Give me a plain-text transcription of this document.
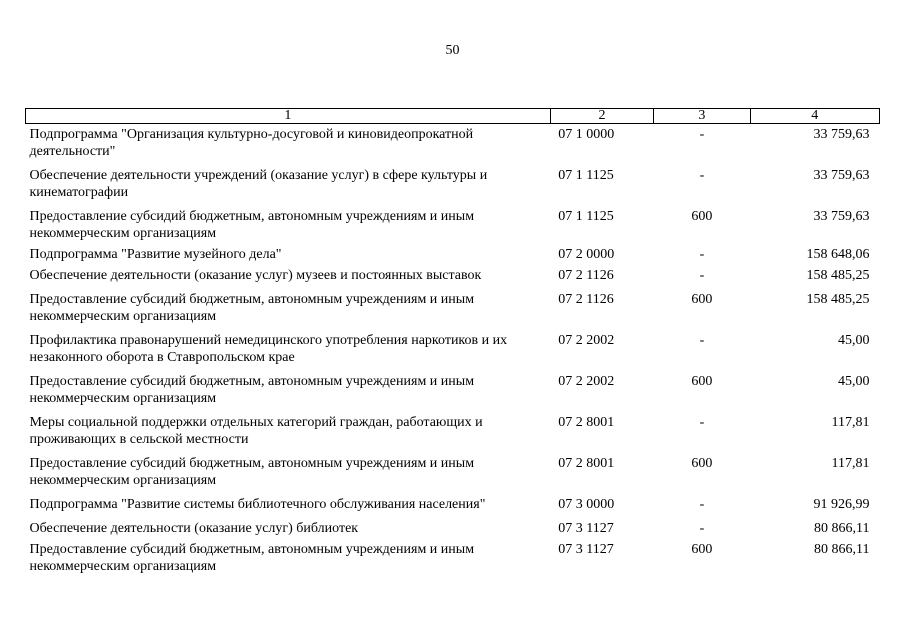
50
1	2	3	4
Подпрограмма "Организация культурно-досуговой и киновидеопрокатной деятельности"	07 1 0000	-	33 759,63
Обеспечение деятельности учреждений (оказание услуг) в сфере культуры и кинематографии	07 1 1125	-	33 759,63
Предоставление субсидий бюджетным, автономным учреждениям и иным некоммерческим организациям	07 1 1125	600	33 759,63
Подпрограмма "Развитие музейного дела"	07 2 0000	-	158 648,06
Обеспечение деятельности (оказание услуг) музеев и постоянных выставок	07 2 1126	-	158 485,25
Предоставление субсидий бюджетным, автономным учреждениям и иным некоммерческим организациям	07 2 1126	600	158 485,25
Профилактика правонарушений немедицинского употребления наркотиков и их незаконного оборота в Ставропольском крае	07 2 2002	-	45,00
Предоставление субсидий бюджетным, автономным учреждениям и иным некоммерческим организациям	07 2 2002	600	45,00
Меры социальной поддержки отдельных категорий граждан, работающих и проживающих в сельской местности	07 2 8001	-	117,81
Предоставление субсидий бюджетным, автономным учреждениям и иным некоммерческим организациям	07 2 8001	600	117,81
Подпрограмма "Развитие системы библиотечного обслуживания населения"	07 3 0000	-	91 926,99
Обеспечение деятельности (оказание услуг) библиотек	07 3 1127	-	80 866,11
Предоставление субсидий бюджетным, автономным учреждениям и иным некоммерческим организациям	07 3 1127	600	80 866,11
